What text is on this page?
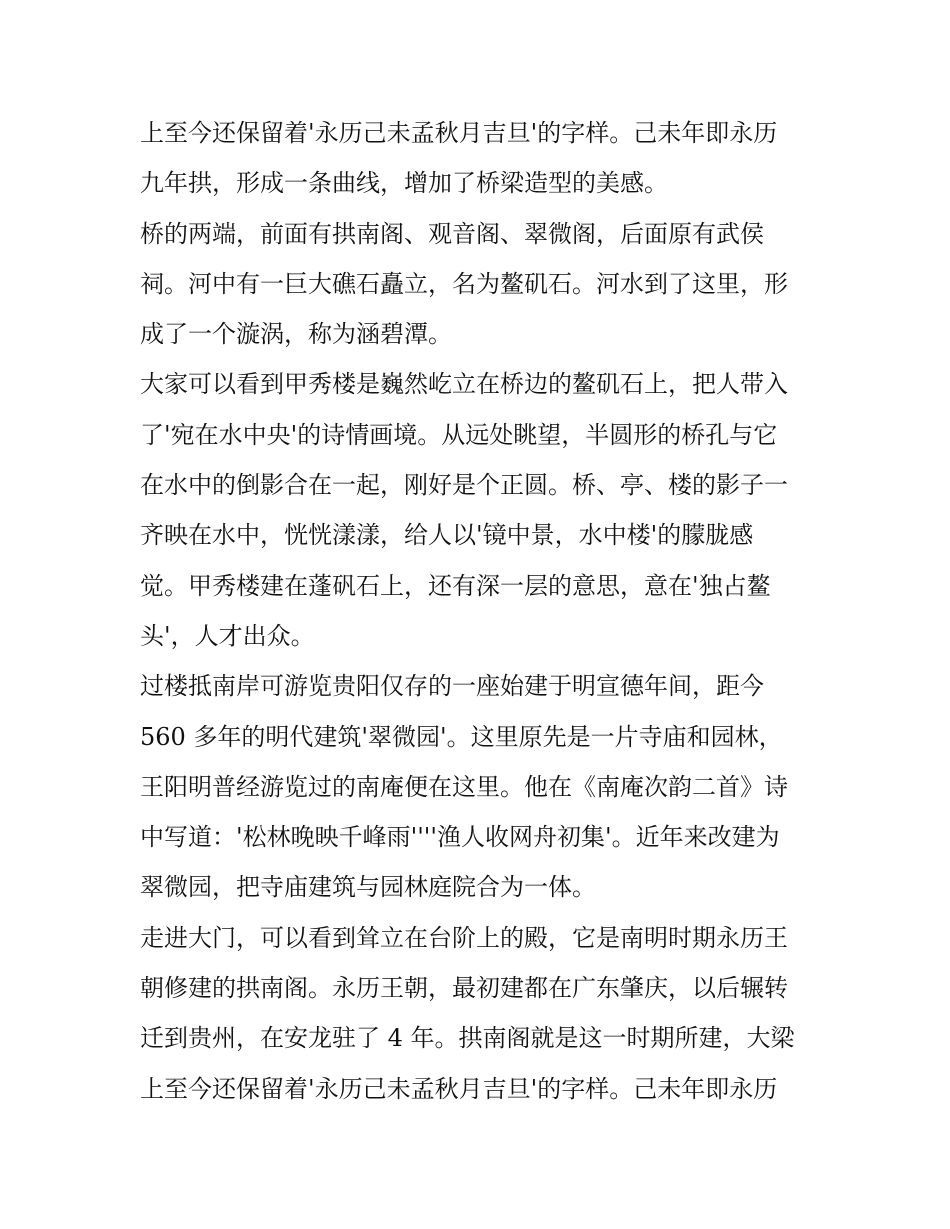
上至今还保留着'永历己未孟秋月吉旦'的字样。己未年即永历
九年拱，形成一条曲线，增加了桥梁造型的美感。
桥的两端，前面有拱南阁、观音阁、翠微阁，后面原有武侯
祠。河中有一巨大礁石矗立，名为鳌矶石。河水到了这里，形
成了一个漩涡，称为涵碧潭。
大家可以看到甲秀楼是巍然屹立在桥边的鳌矶石上，把人带入
了'宛在水中央'的诗情画境。从远处眺望，半圆形的桥孔与它
在水中的倒影合在一起，刚好是个正圆。桥、亭、楼的影子一
齐映在水中，恍恍漾漾，给人以'镜中景，水中楼'的朦胧感
觉。甲秀楼建在蓬矾石上，还有深一层的意思，意在'独占鳌
头'，人才出众。
过楼抵南岸可游览贵阳仅存的一座始建于明宣德年间，距今
560 多年的明代建筑'翠微园'。这里原先是一片寺庙和园林，
王阳明普经游览过的南庵便在这里。他在《南庵次韵二首》诗
中写道：'松林晚映千峰雨''''渔人收网舟初集'。近年来改建为
翠微园，把寺庙建筑与园林庭院合为一体。
走进大门，可以看到耸立在台阶上的殿，它是南明时期永历王
朝修建的拱南阁。永历王朝，最初建都在广东肇庆，以后辗转
迁到贵州，在安龙驻了 4 年。拱南阁就是这一时期所建，大梁
上至今还保留着'永历己未孟秋月吉旦'的字样。己未年即永历
